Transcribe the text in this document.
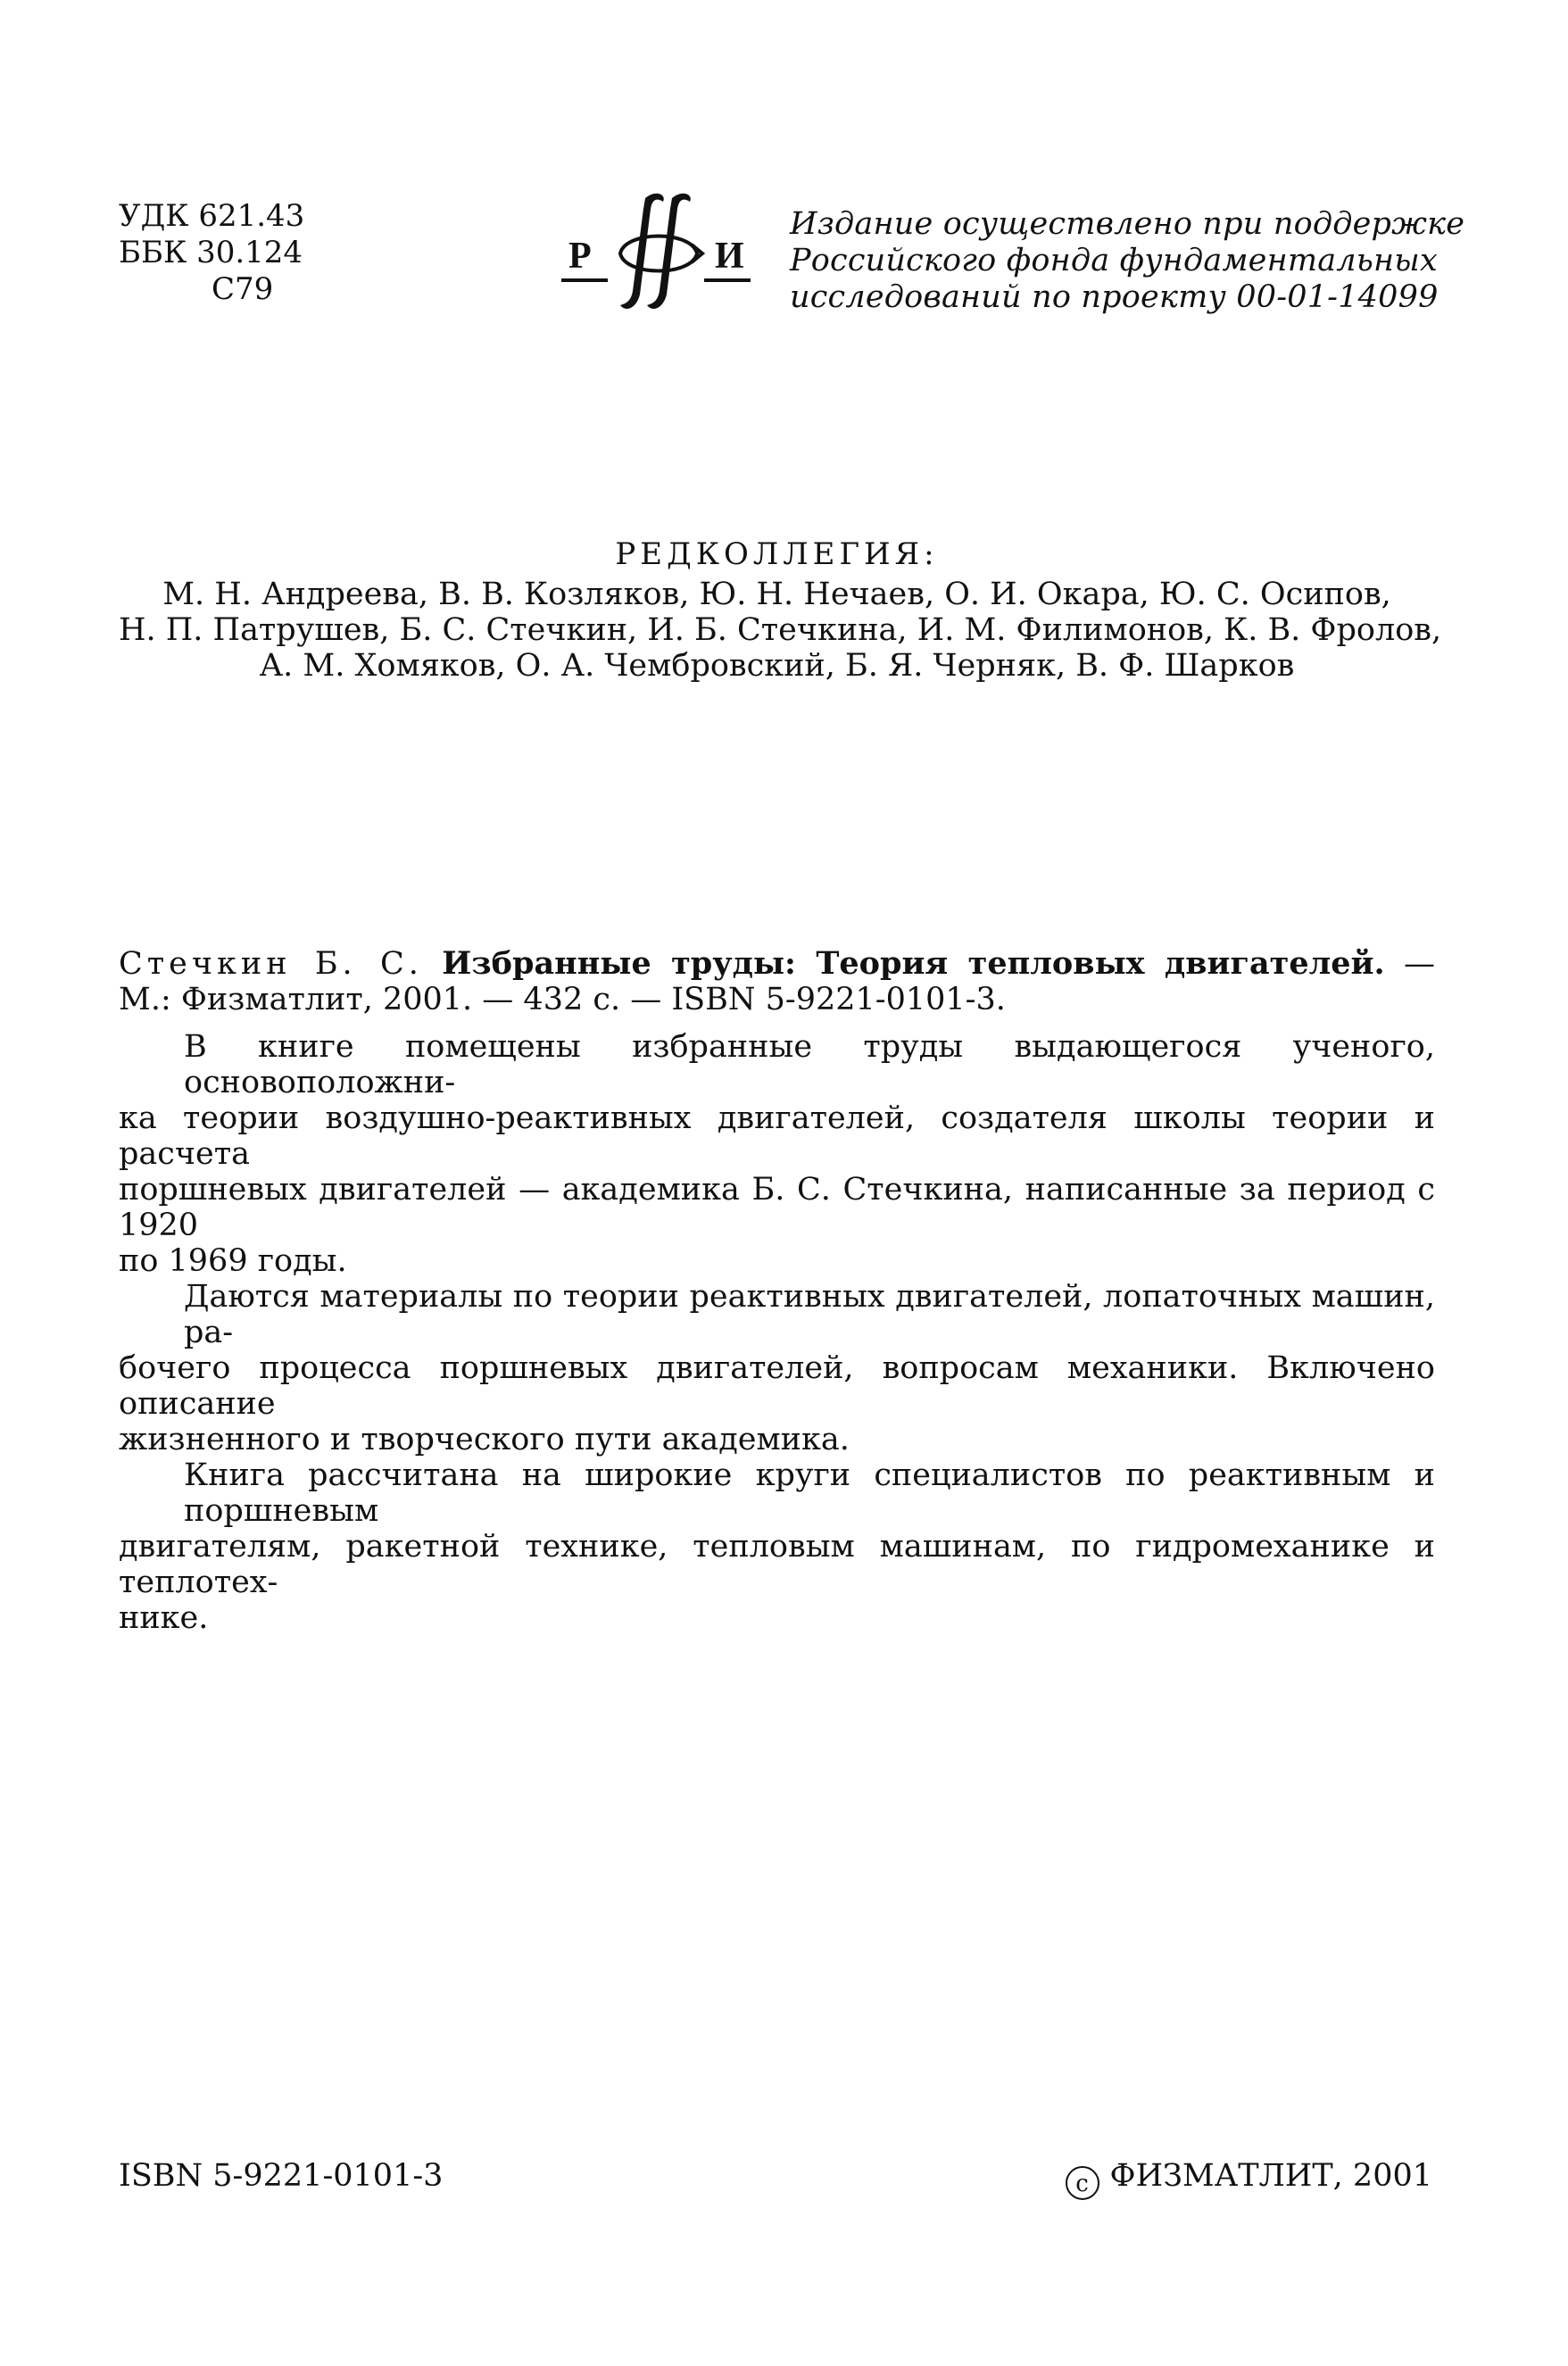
УДК 621.43
ББК 30.124
С79
Р	И
Издание осуществлено при поддержке
Российского фонда фундаментальных
исследований по проекту 00-01-14099
РЕДКОЛЛЕГИЯ:
М. Н. Андреева, В. В. Козляков, Ю. Н. Нечаев, О. И. Окара, Ю. С. Осипов,
Н. П. Патрушев, Б. С. Стечкин, И. Б. Стечкина, И. М. Филимонов, К. В. Фролов,
А. М. Хомяков, О. А. Чембровский, Б. Я. Черняк, В. Ф. Шарков
Стечкин Б. С. Избранные труды: Теория тепловых двигателей. —
М.: Физматлит, 2001. — 432 с. — ISBN 5-9221-0101-3.
В книге помещены избранные труды выдающегося ученого, основоположни-
ка теории воздушно-реактивных двигателей, создателя школы теории и расчета
поршневых двигателей — академика Б. С. Стечкина, написанные за период с 1920
по 1969 годы.
Даются материалы по теории реактивных двигателей, лопаточных машин, ра-
бочего процесса поршневых двигателей, вопросам механики. Включено описание
жизненного и творческого пути академика.
Книга рассчитана на широкие круги специалистов по реактивным и поршневым
двигателям, ракетной технике, тепловым машинам, по гидромеханике и теплотех-
нике.
ISBN 5-9221-0101-3	c ФИЗМАТЛИТ, 2001
